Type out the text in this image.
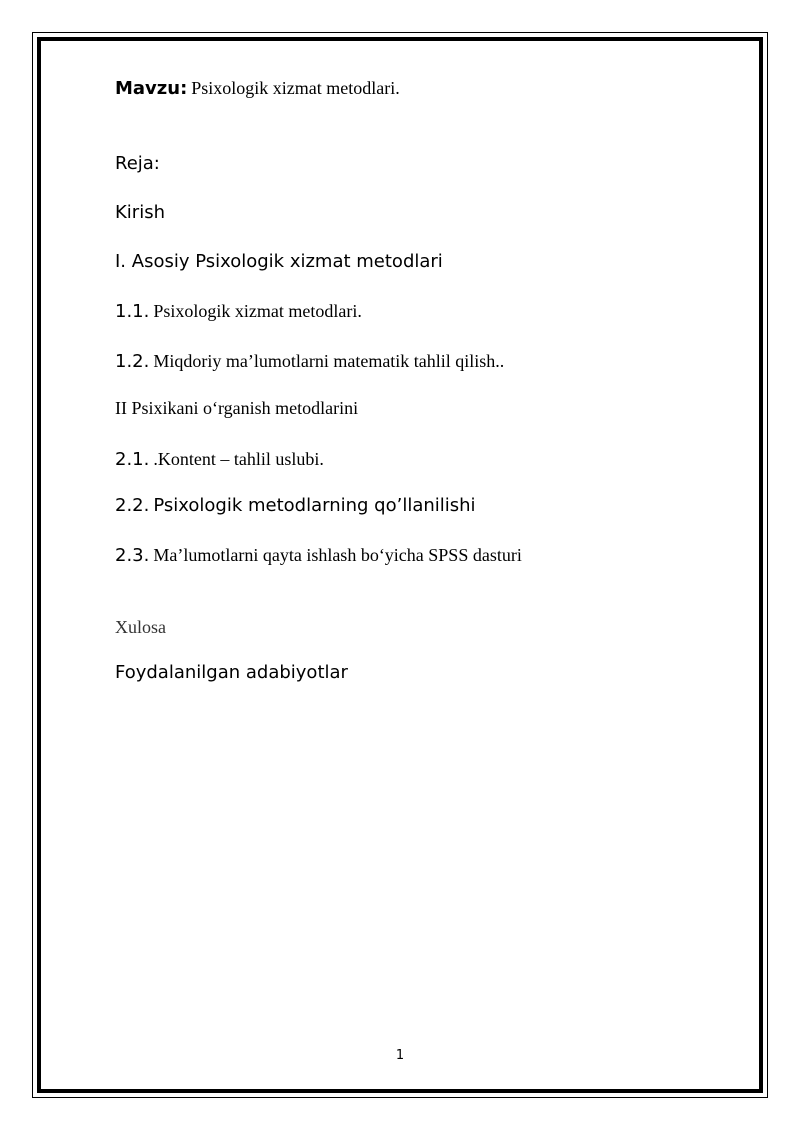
Mavzu: Psixologik xizmat metodlari.
Reja:
Kirish
I. Asosiy Psixologik xizmat metodlari
1.1. Psixologik xizmat metodlari.
1.2. Miqdoriy ma’lumotlarni matematik tahlil qilish..
II Psixikani o‘rganish metodlarini
2.1. .Kontent – tahlil uslubi.
2.2. Psixologik metodlarning qo’llanilishi
2.3. Ma’lumotlarni qayta ishlash bo‘yicha SPSS dasturi
Xulosa
Foydalanilgan adabiyotlar
1
